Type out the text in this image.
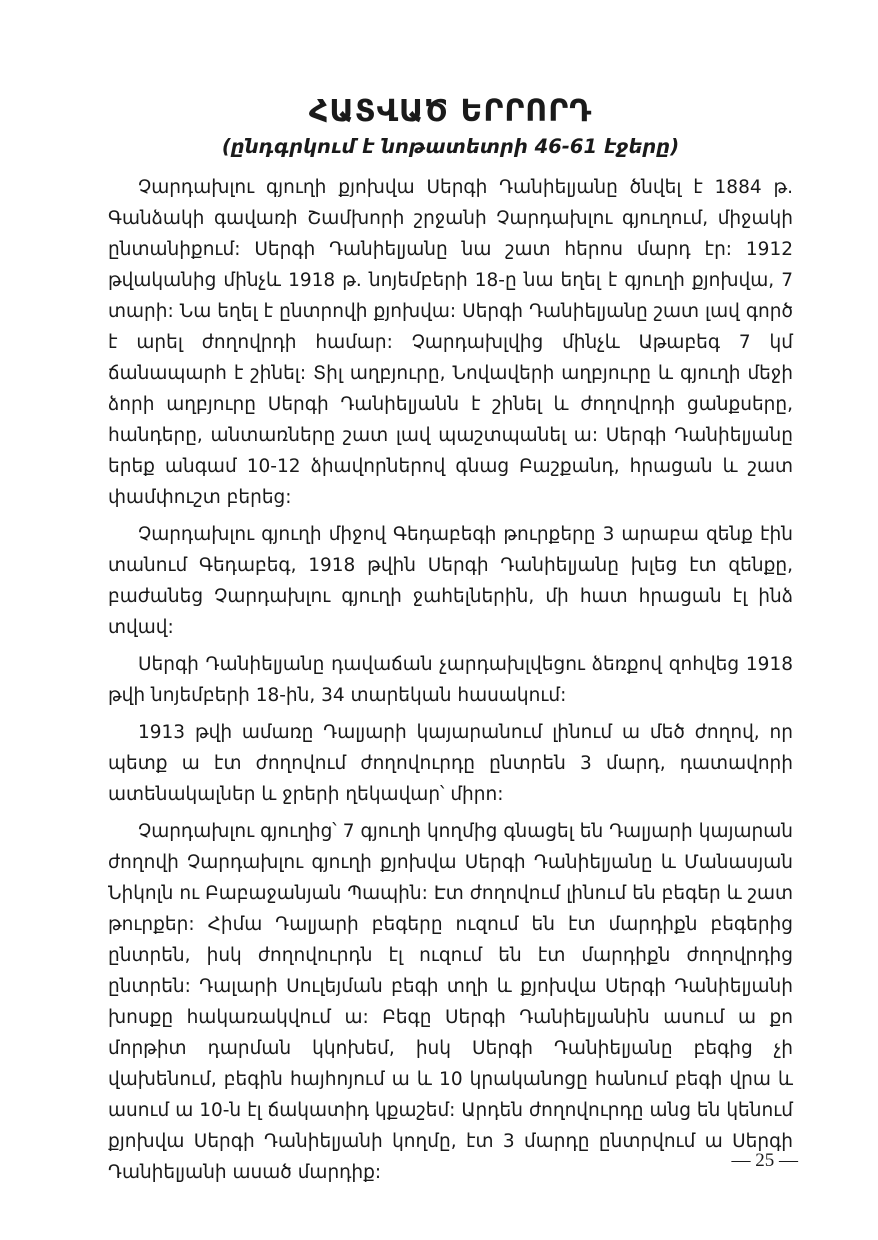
ՀԱՏՎԱԾ ԵՐՐՈՐԴ

(ընդգրկում է նոթատետրի 46-61 էջերը)

Չարդախլու գյուղի քյոխվա Սերգի Դանիելյանը ծնվել է 1884 թ. Գանձակի գավառի Շամխորի շրջանի Չարդախլու գյուղում, միջակի ընտանիքում: Սերգի Դանիելյանը նա շատ հերոս մարդ էր: 1912 թվականից մինչև 1918 թ. նոյեմբերի 18-ը նա եղել է գյուղի քյոխվա, 7 տարի: Նա եղել է ընտրովի քյոխվա: Սերգի Դանիելյանը շատ լավ գործ է արել ժողովրդի համար: Չարդախլվից մինչև Աթաբեգ 7 կմ ճանապարհ է շինել: Տիլ աղբյուրը, Նովավերի աղբյուրը և գյուղի մեջի ձորի աղբյուրը Սերգի Դանիելյանն է շինել և ժողովրդի ցանքսերը, հանդերը, անտառները շատ լավ պաշտպանել ա: Սերգի Դանիելյանը երեք անգամ 10-12 ձիավորներով գնաց Բաշքանդ, հրացան և շատ փամփուշտ բերեց:

Չարդախլու գյուղի միջով Գեդաբեգի թուրքերը 3 արաբա զենք էին տանում Գեդաբեգ, 1918 թվին Սերգի Դանիելյանը խլեց էտ զենքը, բաժանեց Չարդախլու գյուղի ջահելներին, մի հատ հրացան էլ ինձ տվավ:

Սերգի Դանիելյանը դավաճան չարդախլվեցու ձեռքով զոհվեց 1918 թվի նոյեմբերի 18-ին, 34 տարեկան հասակում:

1913 թվի ամառը Դալյարի կայարանում լինում ա մեծ ժողով, որ պետք ա էտ ժողովում ժողովուրդը ընտրեն 3 մարդ, դատավորի ատենակալներ և ջրերի ղեկավար՝ միրո:

Չարդախլու գյուղից՝ 7 գյուղի կողմից գնացել են Դալյարի կայարան ժողովի Չարդախլու գյուղի քյոխվա Սերգի Դանիելյանը և Մանասյան Նիկոլն ու Բաբաջանյան Պապին: Էտ ժողովում լինում են բեգեր և շատ թուրքեր: Հիմա Դալյարի բեգերը ուզում են էտ մարդիքն բեգերից ընտրեն, իսկ ժողովուրդն էլ ուզում են էտ մարդիքն ժողովրդից ընտրեն: Դալարի Սուլեյման բեգի տղի և քյոխվա Սերգի Դանիելյանի խոսքը հակառակվում ա: Բեգը Սերգի Դանիելյանին ասում ա քո մորթիտ դարման կկոխեմ, իսկ Սերգի Դանիելյանը բեգից չի վախենում, բեգին հայհոյում ա և 10 կրականոցը հանում բեգի վրա և ասում ա 10-ն էլ ճակատիդ կքաշեմ: Արդեն ժողովուրդը անց են կենում քյոխվա Սերգի Դանիելյանի կողմը, էտ 3 մարդը ընտրվում ա Սերգի Դանիելյանի ասած մարդիք:

— 25 —
